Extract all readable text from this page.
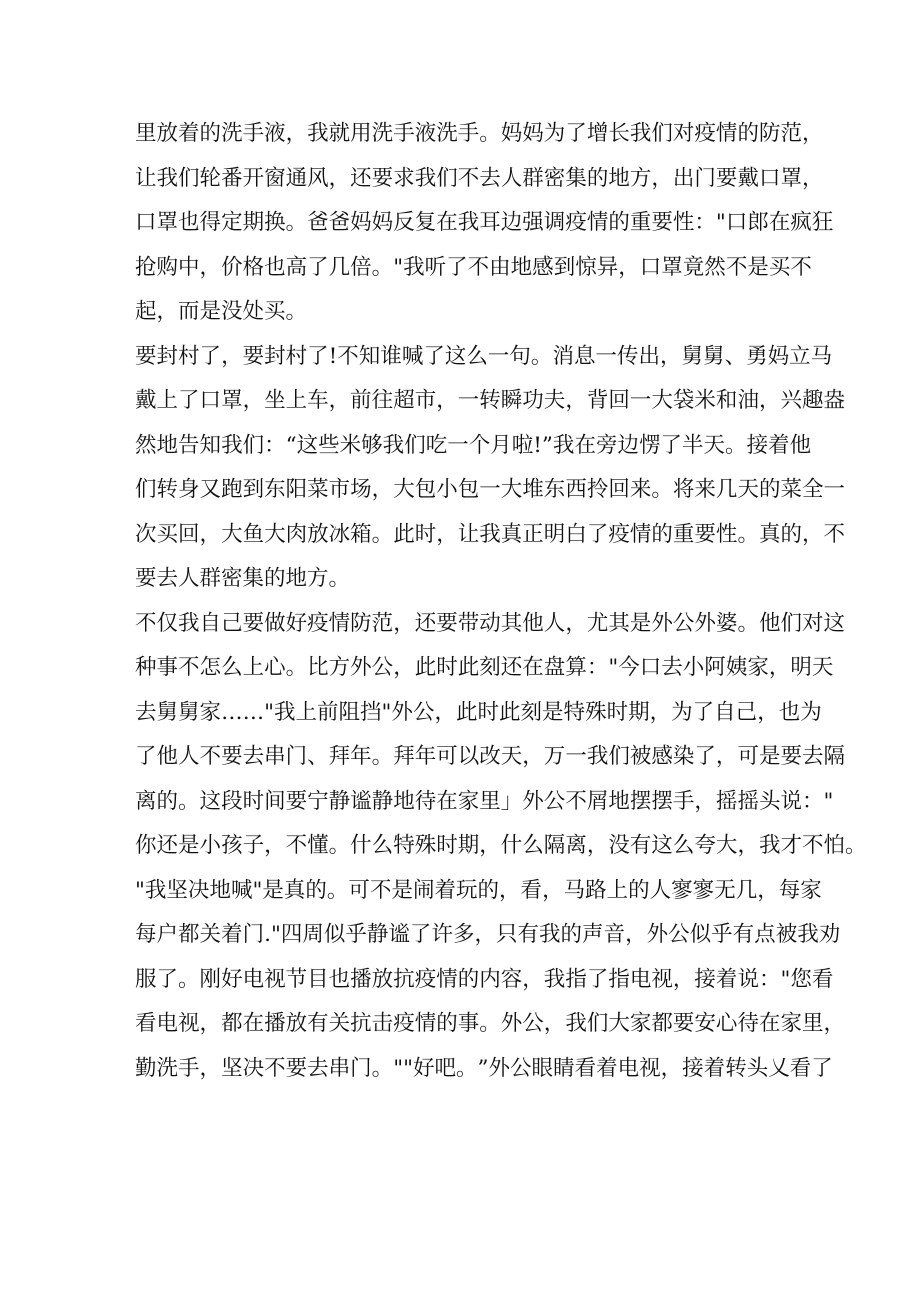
里 放 着 的 洗 手 液 ， 我 就 用 洗 手 液 洗 手 。 妈 妈 为 了 增 长 我 们 对 疫 情 的 防 范 ，
让 我 们 轮 番 开 窗 通 风 ， 还 要 求 我 们 不 去 人 群 密 集 的 地 方 ， 出 门 要 戴 口 罩 ，
口 罩 也 得 定 期 换 。 爸 爸 妈 妈 反 复 在 我 耳 边 强 调 疫 情 的 重 要 性 ： " 口 郎 在 疯 狂
抢 购 中 ， 价 格 也 高 了 几 倍 。 " 我 听 了 不 由 地 感 到 惊 异 ， 口 罩 竟 然 不 是 买 不
起，而是没处买。
要 封 村 了 ， 要 封 村 了 ! 不 知 谁 喊 了 这 么 一 句 。 消 息 一 传 出 ， 舅 舅 、 勇 妈 立 马
戴 上 了 口 罩 ， 坐 上 车 ， 前 往 超 市 ， 一 转 瞬 功 夫 ， 背 回 一 大 袋 米 和 油 ， 兴 趣 盎
然 地 告 知 我 们 ： “ 这 些 米 够 我 们 吃 一 个 月 啦 ! ” 我 在 旁 边 愣 了 半 天 。 接 着 他
们 转 身 又 跑 到 东 阳 菜 市 场 ， 大 包 小 包 一 大 堆 东 西 拎 回 来 。 将 来 几 天 的 菜 全 一
次 买 回 ， 大 鱼 大 肉 放 冰 箱 。 此 时 ， 让 我 真 正 明 白 了 疫 情 的 重 要 性 。 真 的 ， 不
要去人群密集的地方。
不 仅 我 自 己 要 做 好 疫 情 防 范 ， 还 要 带 动 其 他 人 ， 尤 其 是 外 公 外 婆 。 他 们 对 这
种 事 不 怎 么 上 心 。 比 方 外 公 ， 此 时 此 刻 还 在 盘 算 ： " 今 口 去 小 阿 姨 家 ， 明 天
去 舅 舅 家 … … " 我 上 前 阻 挡 " 外 公 ， 此 时 此 刻 是 特 殊 时 期 ， 为 了 自 己 ， 也 为
了 他 人 不 要 去 串 门 、 拜 年 。 拜 年 可 以 改 天 ， 万 一 我 们 被 感 染 了 ， 可 是 要 去 隔
离 的 。 这 段 时 间 要 宁 静 谧 静 地 待 在 家 里 」 外 公 不 屑 地 摆 摆 手 ， 摇 摇 头 说 ： "
你 还 是 小 孩 子 ， 不 懂 。 什 么 特 殊 时 期 ， 什 么 隔 离 ， 没 有 这 么 夸 大 ， 我 才 不 怕 。
" 我 坚 决 地 喊 " 是 真 的 。 可 不 是 闹 着 玩 的 ， 看 ， 马 路 上 的 人 寥 寥 无 几 ， 每 家
每 户 都 关 着 门 . " 四 周 似 乎 静 谧 了 许 多 ， 只 有 我 的 声 音 ， 外 公 似 乎 有 点 被 我 劝
服 了 。 刚 好 电 视 节 目 也 播 放 抗 疫 情 的 内 容 ， 我 指 了 指 电 视 ， 接 着 说 ： " 您 看
看 电 视 ， 都 在 播 放 有 关 抗 击 疫 情 的 事 。 外 公 ， 我 们 大 家 都 要 安 心 待 在 家 里 ，
勤 洗 手 ， 坚 决 不 要 去 串 门 。 " " 好 吧 。 ” 外 公 眼 睛 看 着 电 视 ， 接 着 转 头 乂 看 了
